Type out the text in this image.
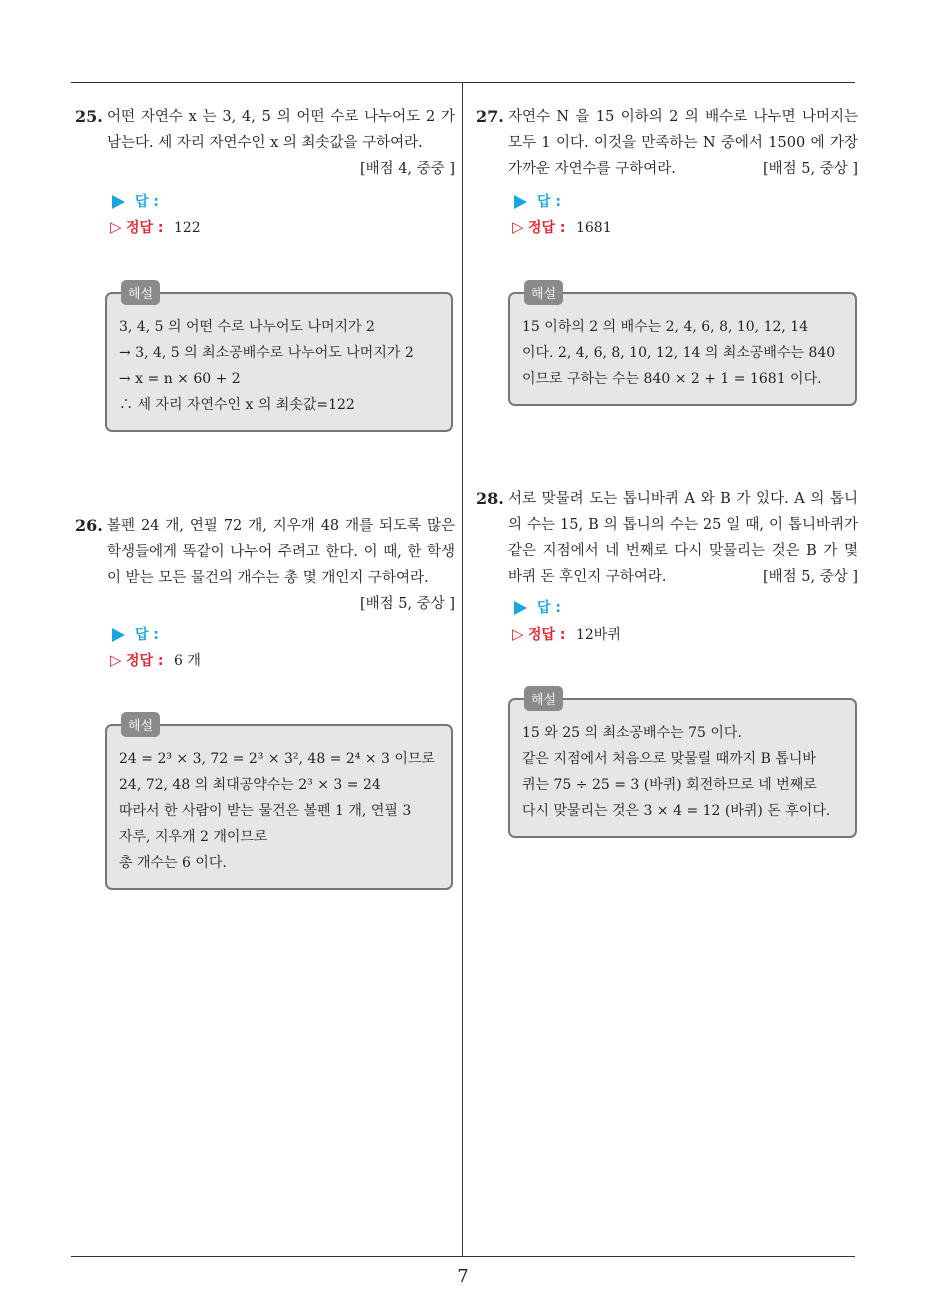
25. 어떤 자연수 x 는 3, 4, 5 의 어떤 수로 나누어도 2 가 남는다. 세 자리 자연수인 x 의 최솟값을 구하여라.
[배점 4, 중중 ]
답 :
▷ 정답 : 122
해설
3, 4, 5 의 어떤 수로 나누어도 나머지가 2
→ 3, 4, 5 의 최소공배수로 나누어도 나머지가 2
→ x = n × 60 + 2
∴ 세 자리 자연수인 x 의 최솟값=122
26. 볼펜 24 개, 연필 72 개, 지우개 48 개를 되도록 많은 학생들에게 똑같이 나누어 주려고 한다. 이 때, 한 학생이 받는 모든 물건의 개수는 총 몇 개인지 구하여라.
[배점 5, 중상 ]
답 :
▷ 정답 : 6 개
해설
24 = 2³ × 3, 72 = 2³ × 3², 48 = 2⁴ × 3 이므로
24, 72, 48 의 최대공약수는 2³ × 3 = 24
따라서 한 사람이 받는 물건은 볼펜 1 개, 연필 3
자루, 지우개 2 개이므로
총 개수는 6 이다.
27. 자연수 N 을 15 이하의 2 의 배수로 나누면 나머지는 모두 1 이다. 이것을 만족하는 N 중에서 1500 에 가장 가까운 자연수를 구하여라.	[배점 5, 중상 ]
답 :
▷ 정답 : 1681
해설
15 이하의 2 의 배수는 2, 4, 6, 8, 10, 12, 14
이다. 2, 4, 6, 8, 10, 12, 14 의 최소공배수는 840
이므로 구하는 수는 840 × 2 + 1 = 1681 이다.
28. 서로 맞물려 도는 톱니바퀴 A 와 B 가 있다. A 의 톱니의 수는 15, B 의 톱니의 수는 25 일 때, 이 톱니바퀴가 같은 지점에서 네 번째로 다시 맞물리는 것은 B 가 몇 바퀴 돈 후인지 구하여라.	[배점 5, 중상 ]
답 :
▷ 정답 : 12바퀴
해설
15 와 25 의 최소공배수는 75 이다.
같은 지점에서 처음으로 맞물릴 때까지 B 톱니바
퀴는 75 ÷ 25 = 3 (바퀴) 회전하므로 네 번째로
다시 맞물리는 것은 3 × 4 = 12 (바퀴) 돈 후이다.
7
